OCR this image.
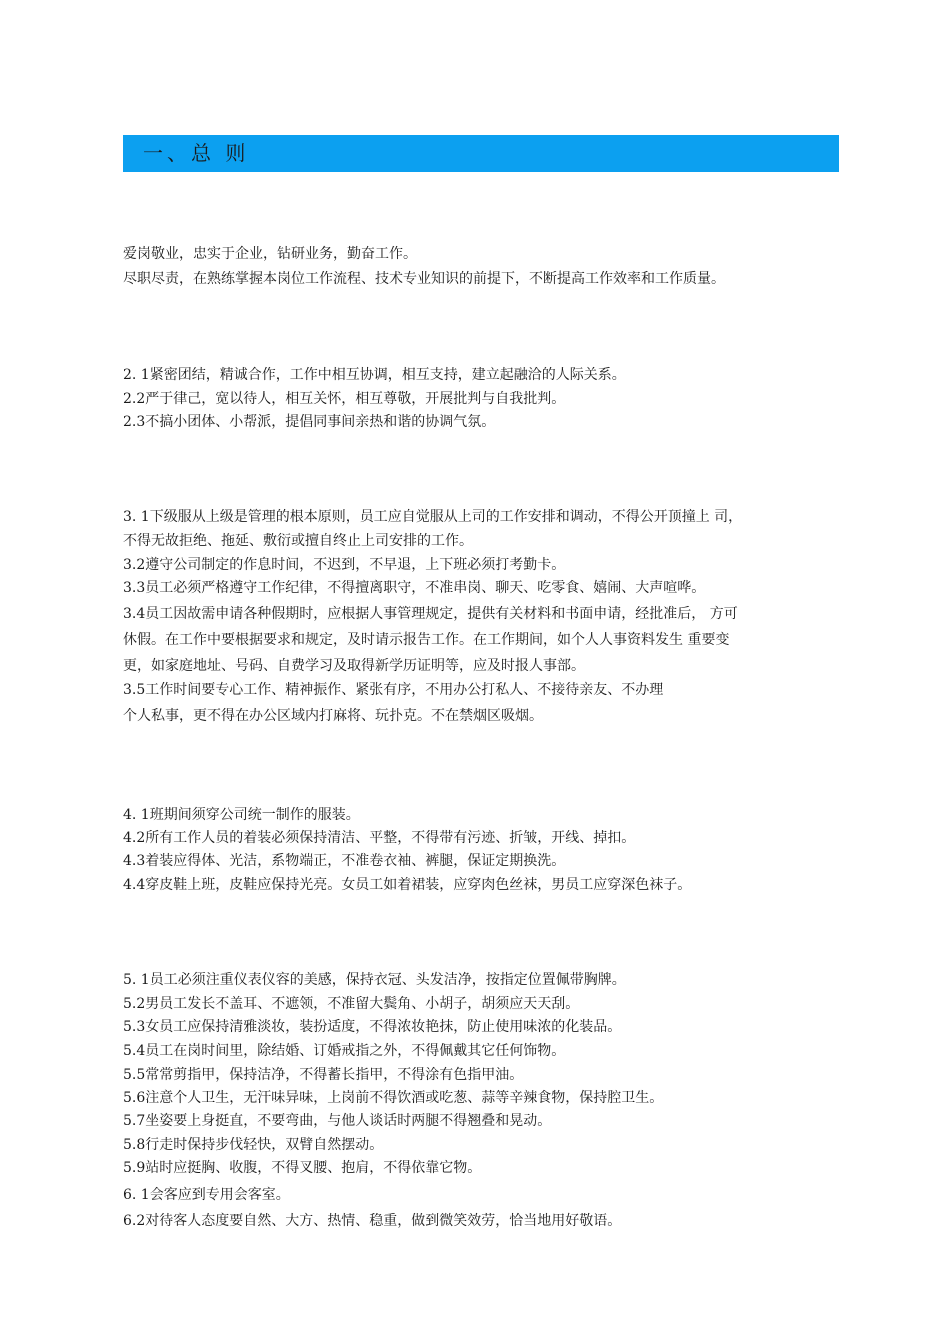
一、总 则
爱岗敬业，忠实于企业，钻研业务，勤奋工作。
尽职尽责，在熟练掌握本岗位工作流程、技术专业知识的前提下，不断提高工作效率和工作质量。
2. 1紧密团结，精诚合作，工作中相互协调，相互支持，建立起融洽的人际关系。
2.2严于律己，宽以待人，相互关怀，相互尊敬，开展批判与自我批判。
2.3不搞小团体、小帮派，提倡同事间亲热和谐的协调气氛。
3. 1下级服从上级是管理的根本原则，员工应自觉服从上司的工作安排和调动，不得公开顶撞上 司，
不得无故拒绝、拖延、敷衍或擅自终止上司安排的工作。
3.2遵守公司制定的作息时间，不迟到，不早退，上下班必须打考勤卡。
3.3员工必须严格遵守工作纪律，不得擅离职守，不准串岗、聊天、吃零食、嬉闹、大声喧哗。
3.4员工因故需申请各种假期时，应根据人事管理规定，提供有关材料和书面申请，经批准后， 方可
休假。在工作中要根据要求和规定，及时请示报告工作。在工作期间，如个人人事资料发生 重要变
更，如家庭地址、号码、自费学习及取得新学历证明等，应及时报人事部。
3.5工作时间要专心工作、精神振作、紧张有序，不用办公打私人、不接待亲友、不办理
个人私事，更不得在办公区域内打麻将、玩扑克。不在禁烟区吸烟。
4. 1班期间须穿公司统一制作的服装。
4.2所有工作人员的着装必须保持清洁、平整，不得带有污迹、折皱，开线、掉扣。
4.3着装应得体、光洁，系物端正，不准卷衣袖、裤腿，保证定期换洗。
4.4穿皮鞋上班，皮鞋应保持光亮。女员工如着裙装，应穿肉色丝袜，男员工应穿深色袜子。
5. 1员工必须注重仪表仪容的美感，保持衣冠、头发洁净，按指定位置佩带胸牌。
5.2男员工发长不盖耳、不遮领，不准留大鬓角、小胡子，胡须应天天刮。
5.3女员工应保持清雅淡妆，装扮适度，不得浓妆艳抹，防止使用味浓的化装品。
5.4员工在岗时间里，除结婚、订婚戒指之外，不得佩戴其它任何饰物。
5.5常常剪指甲，保持洁净，不得蓄长指甲，不得涂有色指甲油。
5.6注意个人卫生，无汗味异味，上岗前不得饮酒或吃葱、蒜等辛辣食物，保持腔卫生。
5.7坐姿要上身挺直，不要弯曲，与他人谈话时两腿不得翘叠和晃动。
5.8行走时保持步伐轻快，双臂自然摆动。
5.9站时应挺胸、收腹，不得叉腰、抱肩，不得依靠它物。
6. 1会客应到专用会客室。
6.2对待客人态度要自然、大方、热情、稳重，做到微笑效劳，恰当地用好敬语。
